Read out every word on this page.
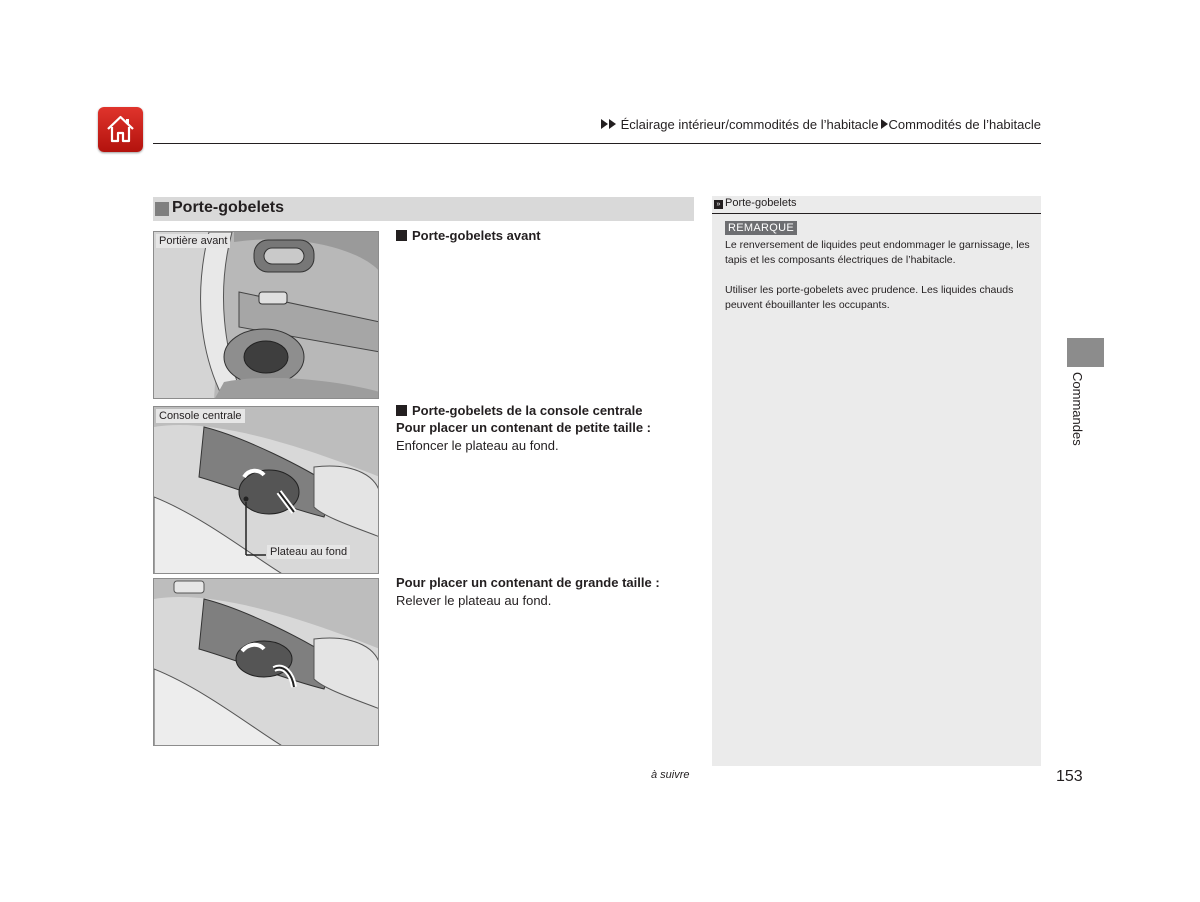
Éclairage intérieur/commodités de l’habitacle Commodités de l’habitacle
Porte-gobelets
Portière avant
Console centrale
Plateau au fond
Porte-gobelets avant
Porte-gobelets de la console centrale
Pour placer un contenant de petite taille :
Enfoncer le plateau au fond.
Pour placer un contenant de grande taille :
Relever le plateau au fond.
» Porte-gobelets
REMARQUE
Le renversement de liquides peut endommager le garnissage, les tapis et les composants électriques de l’habitacle.
Utiliser les porte-gobelets avec prudence. Les liquides chauds peuvent ébouillanter les occupants.
Commandes
à suivre	153
